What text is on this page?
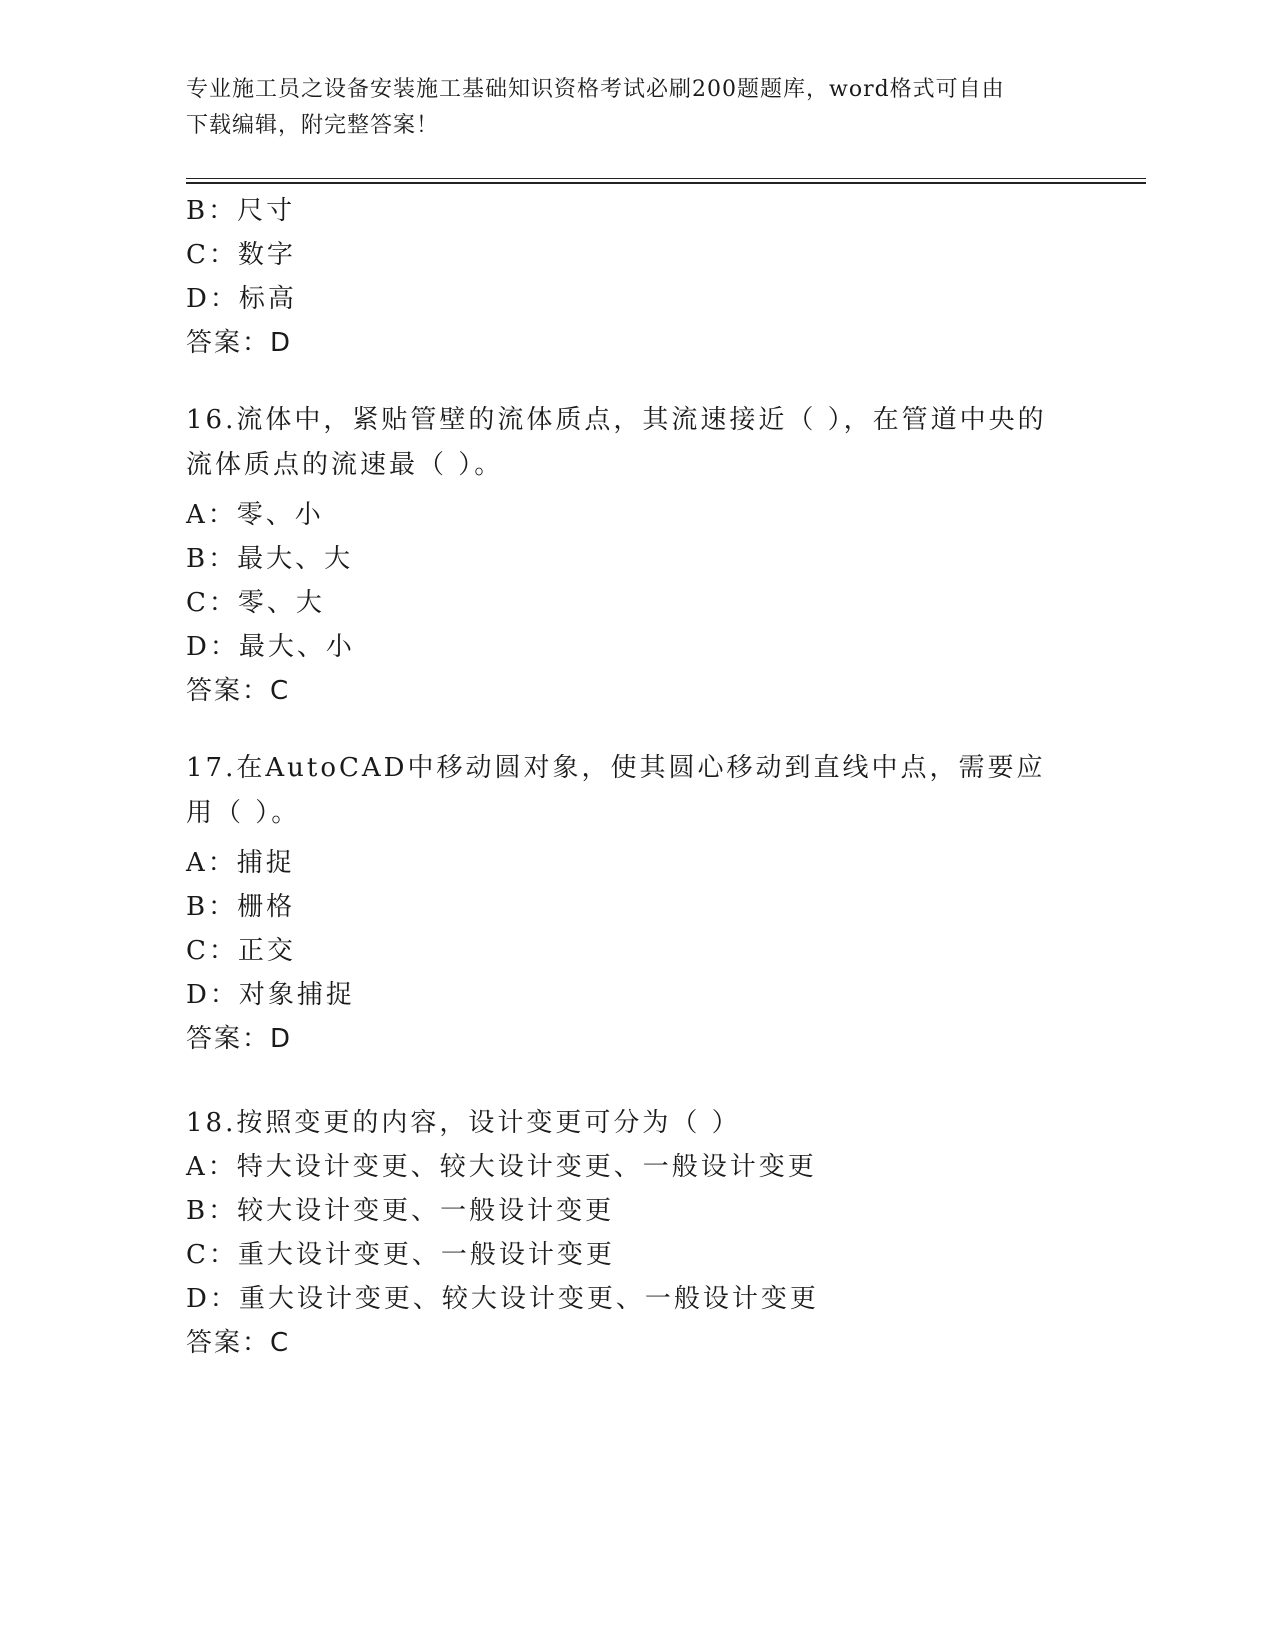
专业施工员之设备安装施工基础知识资格考试必刷200题题库，word格式可自由
下载编辑，附完整答案！
B：尺寸
C：数字
D：标高
答案：D
16.流体中，紧贴管壁的流体质点，其流速接近（ ），在管道中央的流体质点的流速最（ ）。
A：零、小
B：最大、大
C：零、大
D：最大、小
答案：C
17.在AutoCAD中移动圆对象，使其圆心移动到直线中点，需要应用（ ）。
A：捕捉
B：栅格
C：正交
D：对象捕捉
答案：D
18.按照变更的内容，设计变更可分为（ ）
A：特大设计变更、较大设计变更、一般设计变更
B：较大设计变更、一般设计变更
C：重大设计变更、一般设计变更
D：重大设计变更、较大设计变更、一般设计变更
答案：C
